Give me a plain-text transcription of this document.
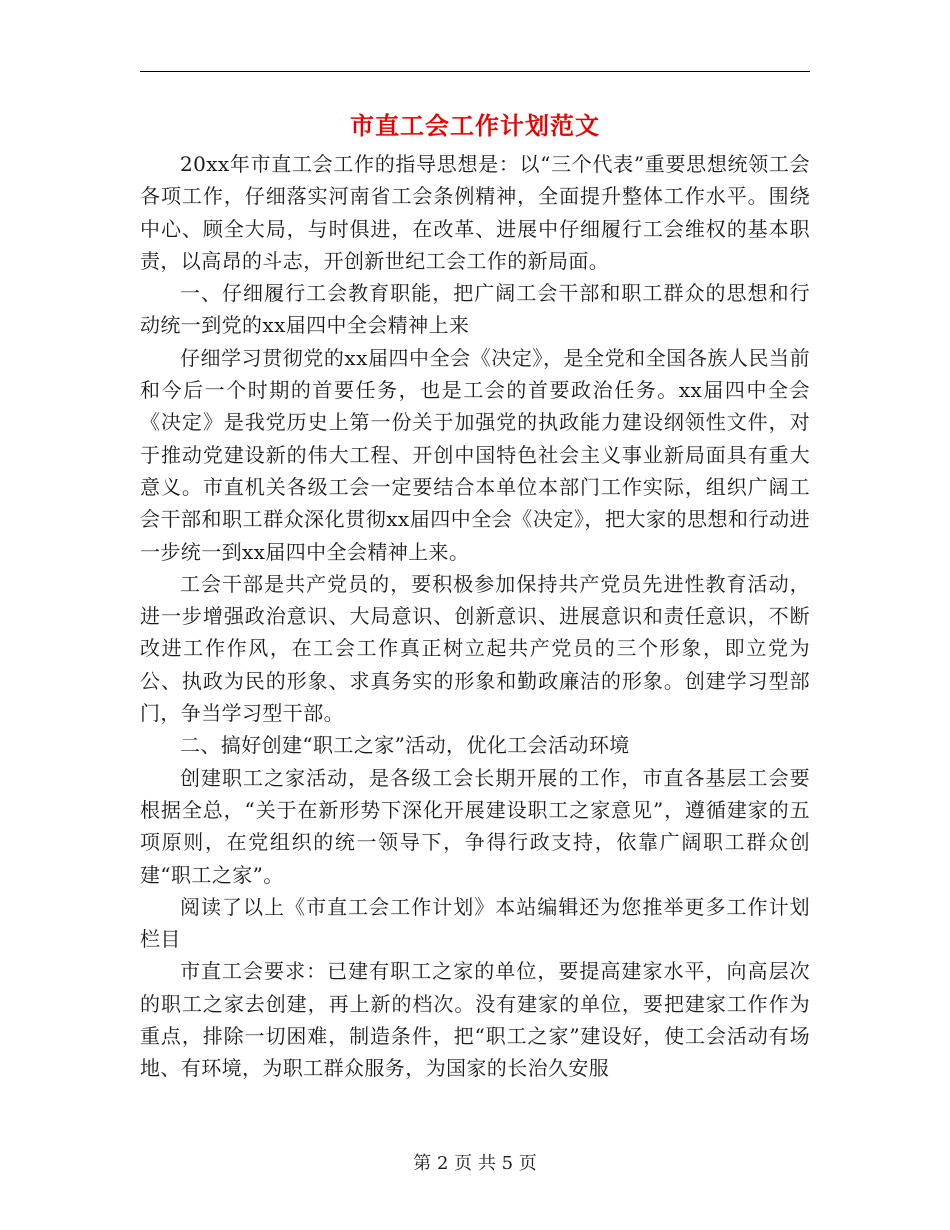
市直工会工作计划范文

20xx年市直工会工作的指导思想是：以“三个代表”重要思想统领工会各项工作，仔细落实河南省工会条例精神，全面提升整体工作水平。围绕中心、顾全大局，与时俱进，在改革、进展中仔细履行工会维权的基本职责，以高昂的斗志，开创新世纪工会工作的新局面。

一、仔细履行工会教育职能，把广阔工会干部和职工群众的思想和行动统一到党的xx届四中全会精神上来

仔细学习贯彻党的xx届四中全会《决定》，是全党和全国各族人民当前和今后一个时期的首要任务，也是工会的首要政治任务。xx届四中全会《决定》是我党历史上第一份关于加强党的执政能力建设纲领性文件，对于推动党建设新的伟大工程、开创中国特色社会主义事业新局面具有重大意义。市直机关各级工会一定要结合本单位本部门工作实际，组织广阔工会干部和职工群众深化贯彻xx届四中全会《决定》，把大家的思想和行动进一步统一到xx届四中全会精神上来。

工会干部是共产党员的，要积极参加保持共产党员先进性教育活动，进一步增强政治意识、大局意识、创新意识、进展意识和责任意识，不断改进工作作风，在工会工作真正树立起共产党员的三个形象，即立党为公、执政为民的形象、求真务实的形象和勤政廉洁的形象。创建学习型部门，争当学习型干部。

二、搞好创建“职工之家”活动，优化工会活动环境

创建职工之家活动，是各级工会长期开展的工作，市直各基层工会要根据全总，“关于在新形势下深化开展建设职工之家意见”，遵循建家的五项原则，在党组织的统一领导下，争得行政支持，依靠广阔职工群众创建“职工之家”。

阅读了以上《市直工会工作计划》本站编辑还为您推举更多工作计划栏目

市直工会要求：已建有职工之家的单位，要提高建家水平，向高层次的职工之家去创建，再上新的档次。没有建家的单位，要把建家工作作为重点，排除一切困难，制造条件，把“职工之家”建设好，使工会活动有场地、有环境，为职工群众服务，为国家的长治久安服

第 2 页 共 5 页
